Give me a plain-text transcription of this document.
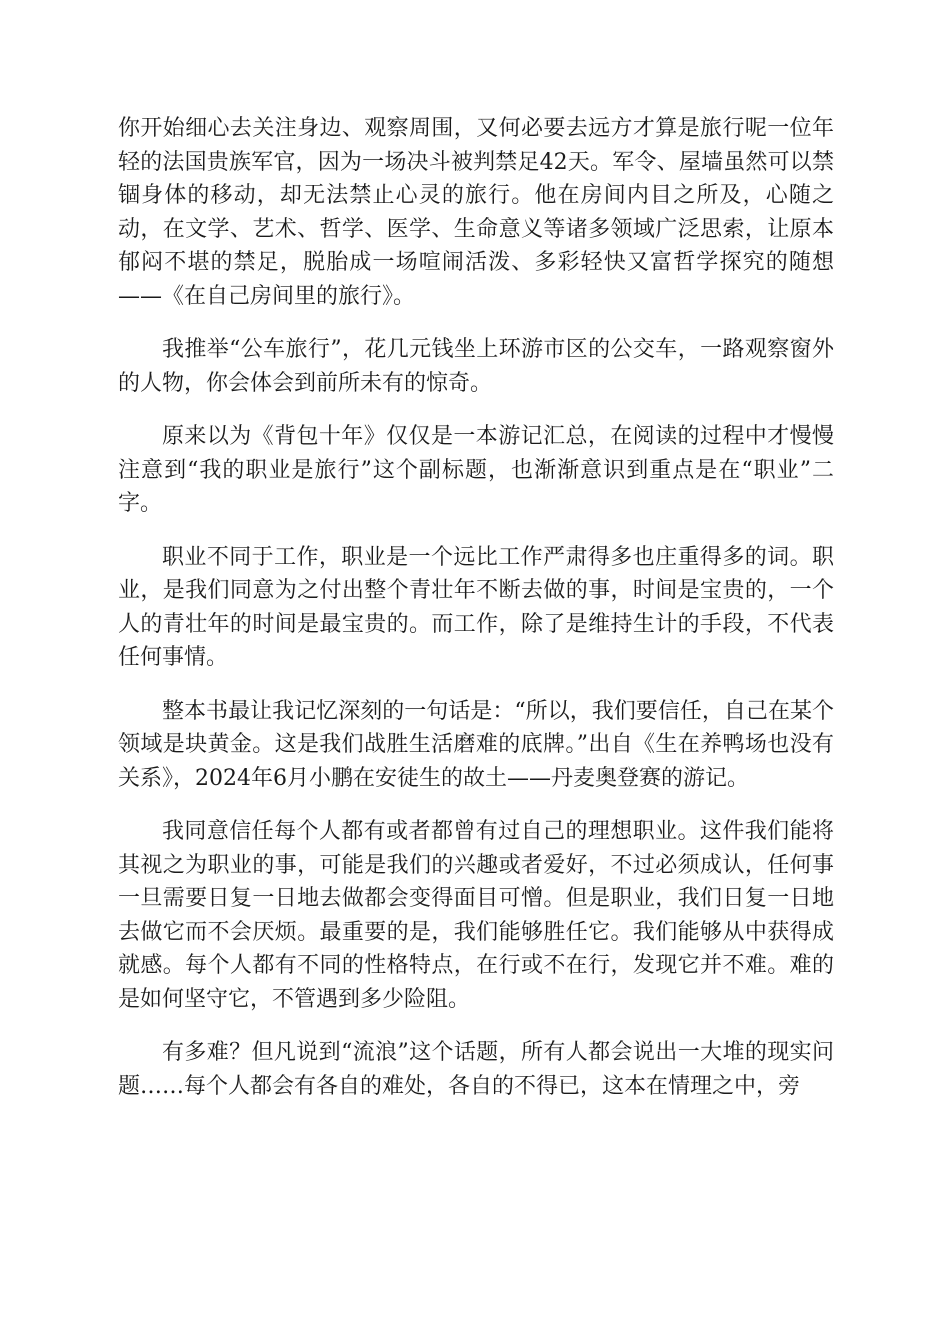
你开始细心去关注身边、观察周围，又何必要去远方才算是旅行呢一位年轻的法国贵族军官，因为一场决斗被判禁足42天。军令、屋墙虽然可以禁锢身体的移动，却无法禁止心灵的旅行。他在房间内目之所及，心随之动，在文学、艺术、哲学、医学、生命意义等诸多领域广泛思索，让原本郁闷不堪的禁足，脱胎成一场喧闹活泼、多彩轻快又富哲学探究的随想——《在自己房间里的旅行》。

我推举“公车旅行”，花几元钱坐上环游市区的公交车，一路观察窗外的人物，你会体会到前所未有的惊奇。

原来以为《背包十年》仅仅是一本游记汇总，在阅读的过程中才慢慢注意到“我的职业是旅行”这个副标题，也渐渐意识到重点是在“职业”二字。

职业不同于工作，职业是一个远比工作严肃得多也庄重得多的词。职业，是我们同意为之付出整个青壮年不断去做的事，时间是宝贵的，一个人的青壮年的时间是最宝贵的。而工作，除了是维持生计的手段，不代表任何事情。

整本书最让我记忆深刻的一句话是：“所以，我们要信任，自己在某个领域是块黄金。这是我们战胜生活磨难的底牌。”出自《生在养鸭场也没有关系》，2024年6月小鹏在安徒生的故土——丹麦奥登赛的游记。

我同意信任每个人都有或者都曾有过自己的理想职业。这件我们能将其视之为职业的事，可能是我们的兴趣或者爱好，不过必须成认，任何事一旦需要日复一日地去做都会变得面目可憎。但是职业，我们日复一日地去做它而不会厌烦。最重要的是，我们能够胜任它。我们能够从中获得成就感。每个人都有不同的性格特点，在行或不在行，发现它并不难。难的是如何坚守它，不管遇到多少险阻。

有多难？但凡说到“流浪”这个话题，所有人都会说出一大堆的现实问题……每个人都会有各自的难处，各自的不得已，这本在情理之中，旁
